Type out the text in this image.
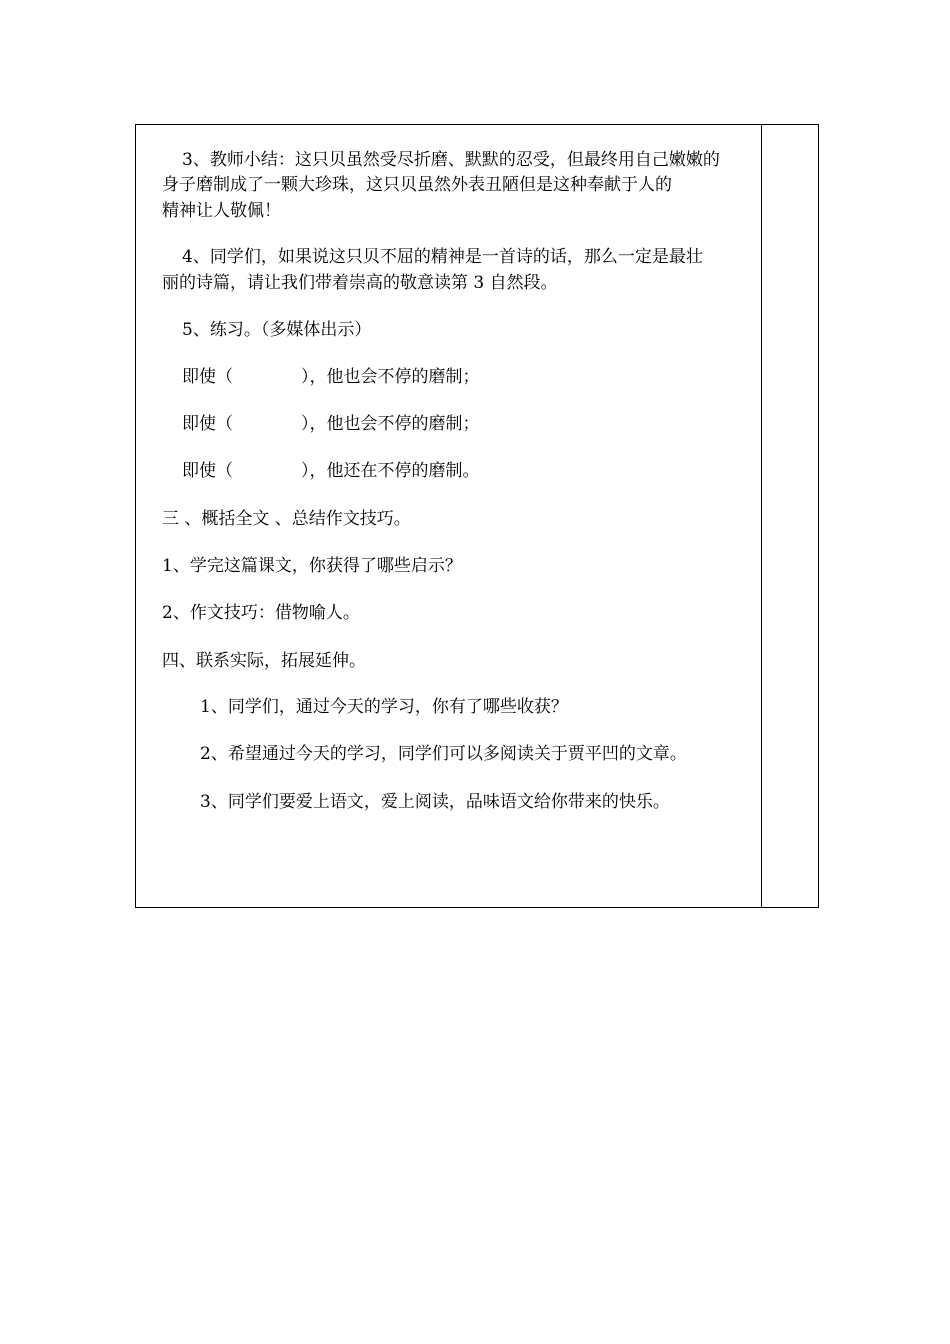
3、教师小结：这只贝虽然受尽折磨、默默的忍受，但最终用自己嫩嫩的

身子磨制成了一颗大珍珠，这只贝虽然外表丑陋但是这种奉献于人的

精神让人敬佩！

4、同学们，如果说这只贝不屈的精神是一首诗的话，那么一定是最壮

丽的诗篇，请让我们带着崇高的敬意读第 3 自然段。

5、练习。（多媒体出示）

即使（　　　　），他也会不停的磨制；

即使（　　　　），他也会不停的磨制；

即使（　　　　），他还在不停的磨制。

三 、概括全文 、总结作文技巧。

1、学完这篇课文，你获得了哪些启示？

2、作文技巧：借物喻人。

四、联系实际，拓展延伸。

1、同学们，通过今天的学习，你有了哪些收获？

2、希望通过今天的学习，同学们可以多阅读关于贾平凹的文章。

3、同学们要爱上语文，爱上阅读，品味语文给你带来的快乐。
